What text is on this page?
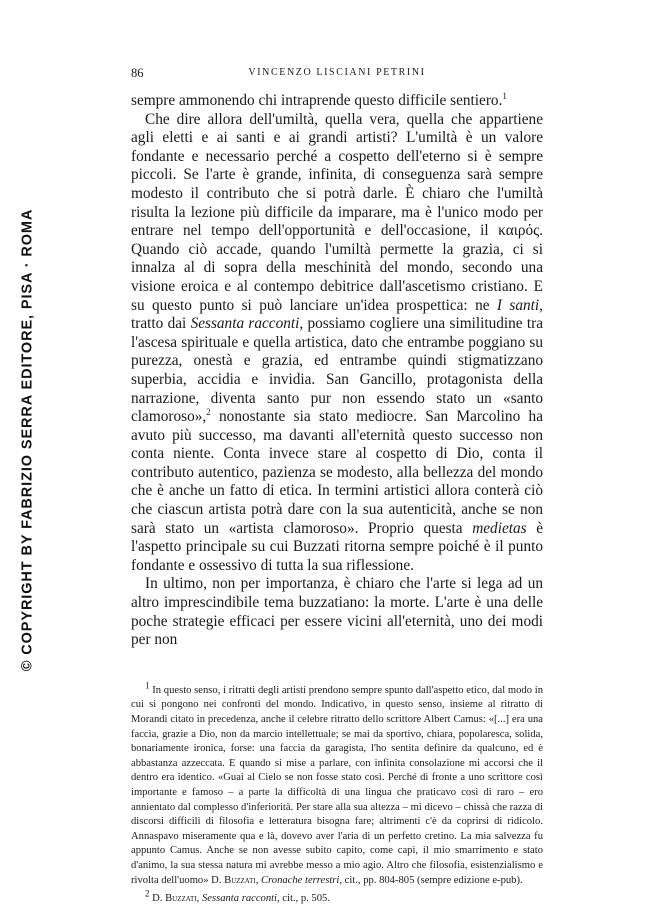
© COPYRIGHT BY FABRIZIO SERRA EDITORE, PISA · ROMA
86	VINCENZO LISCIANI PETRINI

sempre ammonendo chi intraprende questo difficile sentiero.$^1$

Che dire allora dell'umiltà, quella vera, quella che appartiene agli eletti e ai santi e ai grandi artisti? L'umiltà è un valore fondante e necessario perché a cospetto dell'eterno si è sempre piccoli. Se l'arte è grande, infinita, di conseguenza sarà sempre modesto il contributo che si potrà darle. È chiaro che l'umiltà risulta la lezione più difficile da imparare, ma è l'unico modo per entrare nel tempo dell'opportunità e dell'occasione, il καιρός. Quando ciò accade, quando l'umiltà permette la grazia, ci si innalza al di sopra della meschinità del mondo, secondo una visione eroica e al contempo debitrice dall'ascetismo cristiano. E su questo punto si può lanciare un'idea prospettica: ne I santi, tratto dai Sessanta racconti, possiamo cogliere una similitudine tra l'ascesa spirituale e quella artistica, dato che entrambe poggiano su purezza, onestà e grazia, ed entrambe quindi stigmatizzano superbia, accidia e invidia. San Gancillo, protagonista della narrazione, diventa santo pur non essendo stato un «santo clamoroso»,$^2$ nonostante sia stato mediocre. San Marcolino ha avuto più successo, ma davanti all'eternità questo successo non conta niente. Conta invece stare al cospetto di Dio, conta il contributo autentico, pazienza se modesto, alla bellezza del mondo che è anche un fatto di etica. In termini artistici allora conterà ciò che ciascun artista potrà dare con la sua autenticità, anche se non sarà stato un «artista clamoroso». Proprio questa medietas è l'aspetto principale su cui Buzzati ritorna sempre poiché è il punto fondante e ossessivo di tutta la sua riflessione.

In ultimo, non per importanza, è chiaro che l'arte si lega ad un altro imprescindibile tema buzzatiano: la morte. L'arte è una delle poche strategie efficaci per essere vicini all'eternità, uno dei modi per non

$^1$ In questo senso, i ritratti degli artisti prendono sempre spunto dall'aspetto etico, dal modo in cui si pongono nei confronti del mondo. Indicativo, in questo senso, insieme al ritratto di Morandi citato in precedenza, anche il celebre ritratto dello scrittore Albert Camus: «[...] era una faccia, grazie a Dio, non da marcio intellettuale; se mai da sportivo, chiara, popolaresca, solida, bonariamente ironica, forse: una faccia da garagista, l'ho sentita definire da qualcuno, ed è abbastanza azzeccata. E quando si mise a parlare, con infinita consolazione mi accorsi che il dentro era identico. «Guai al Cielo se non fosse stato così. Perché di fronte a uno scrittore così importante e famoso – a parte la difficoltà di una lingua che praticavo così di raro – ero annientato dal complesso d'inferiorità. Per stare alla sua altezza – mi dicevo – chissà che razza di discorsi difficili di filosofia e letteratura bisogna fare; altrimenti c'è da coprirsi di ridicolo. Annaspavo miseramente qua e là, dovevo aver l'aria di un perfetto cretino. La mia salvezza fu appunto Camus. Anche se non avesse subito capito, come capì, il mio smarrimento e stato d'animo, la sua stessa natura mi avrebbe messo a mio agio. Altro che filosofia, esistenzialismo e rivolta dell'uomo» D. Buzzati, Cronache terrestri, cit., pp. 804-805 (sempre edizione e-pub).

$^2$ D. Buzzati, Sessanta racconti, cit., p. 505.
